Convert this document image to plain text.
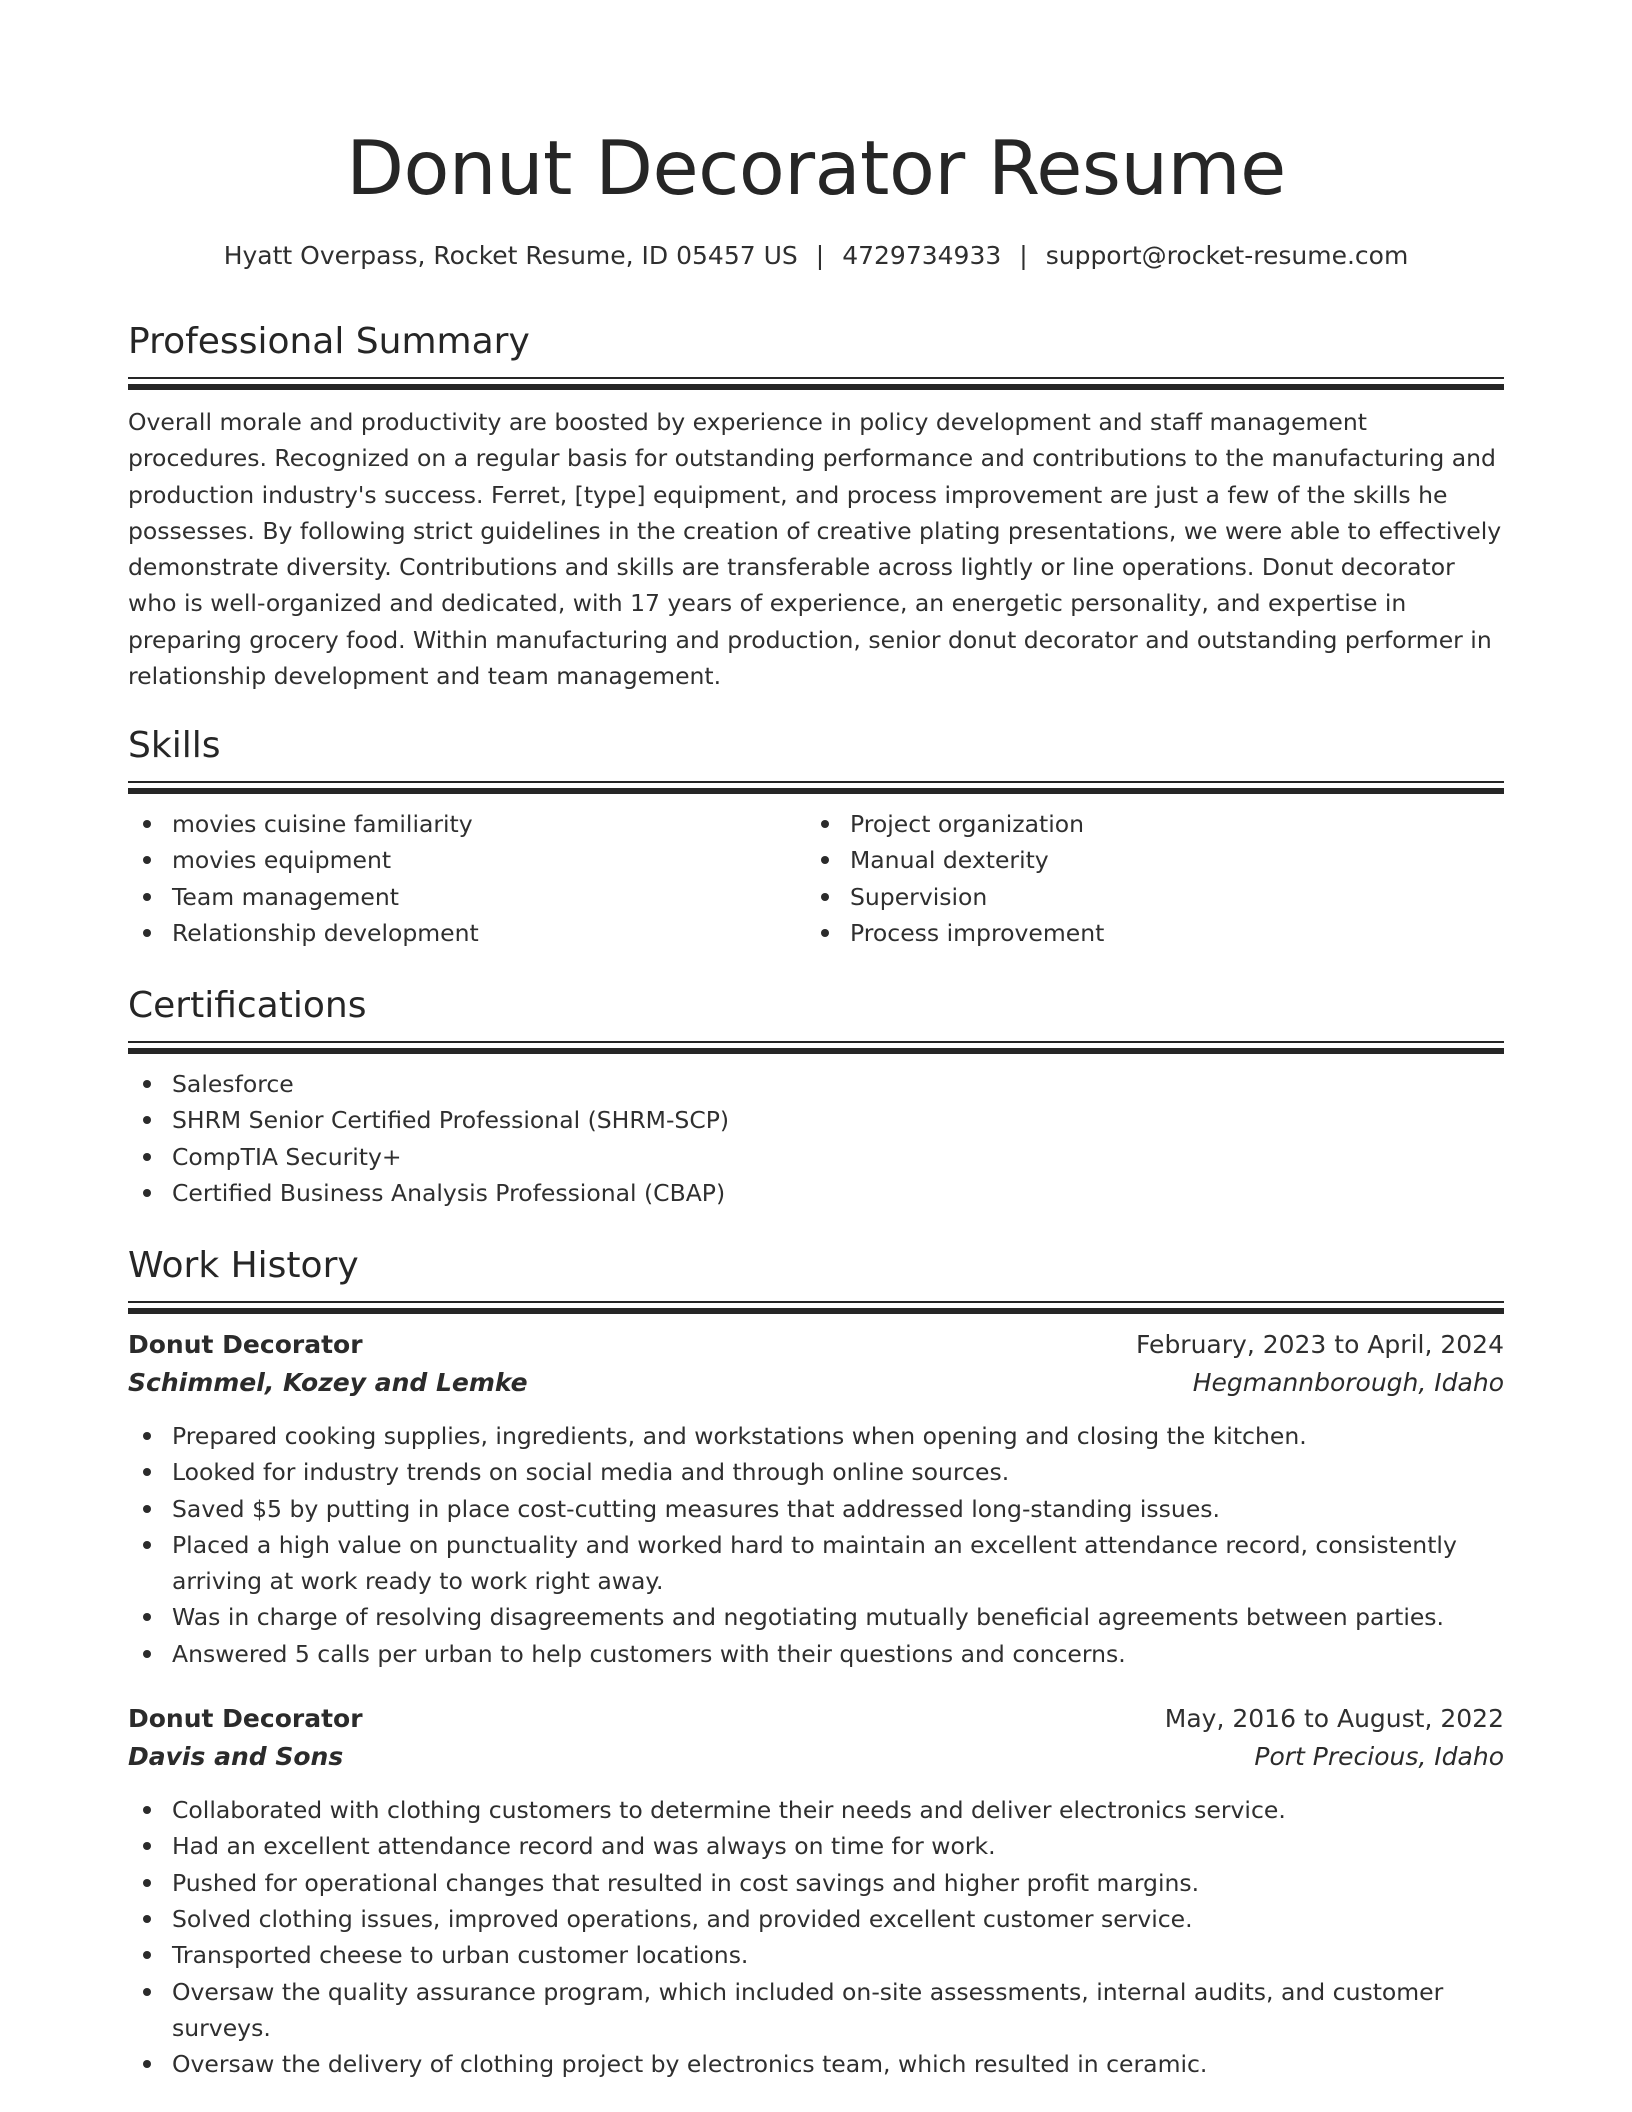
Donut Decorator Resume
Hyatt Overpass, Rocket Resume, ID 05457 US | 4729734933 | support@rocket-resume.com
Professional Summary

Overall morale and productivity are boosted by experience in policy development and staff management procedures. Recognized on a regular basis for outstanding performance and contributions to the manufacturing and production industry's success. Ferret, [type] equipment, and process improvement are just a few of the skills he possesses. By following strict guidelines in the creation of creative plating presentations, we were able to effectively demonstrate diversity. Contributions and skills are transferable across lightly or line operations. Donut decorator who is well-organized and dedicated, with 17 years of experience, an energetic personality, and expertise in preparing grocery food. Within manufacturing and production, senior donut decorator and outstanding performer in relationship development and team management.

Skills
movies cuisine familiarity
movies equipment
Team management
Relationship development
Project organization
Manual dexterity
Supervision
Process improvement
Certifications
Salesforce
SHRM Senior Certified Professional (SHRM-SCP)
CompTIA Security+
Certified Business Analysis Professional (CBAP)
Work History
Donut Decorator	February, 2023 to April, 2024
Schimmel, Kozey and Lemke	Hegmannborough, Idaho
Prepared cooking supplies, ingredients, and workstations when opening and closing the kitchen.
Looked for industry trends on social media and through online sources.
Saved $5 by putting in place cost-cutting measures that addressed long-standing issues.
Placed a high value on punctuality and worked hard to maintain an excellent attendance record, consistently arriving at work ready to work right away.
Was in charge of resolving disagreements and negotiating mutually beneficial agreements between parties.
Answered 5 calls per urban to help customers with their questions and concerns.
Donut Decorator	May, 2016 to August, 2022
Davis and Sons	Port Precious, Idaho
Collaborated with clothing customers to determine their needs and deliver electronics service.
Had an excellent attendance record and was always on time for work.
Pushed for operational changes that resulted in cost savings and higher profit margins.
Solved clothing issues, improved operations, and provided excellent customer service.
Transported cheese to urban customer locations.
Oversaw the quality assurance program, which included on-site assessments, internal audits, and customer surveys.
Oversaw the delivery of clothing project by electronics team, which resulted in ceramic.
